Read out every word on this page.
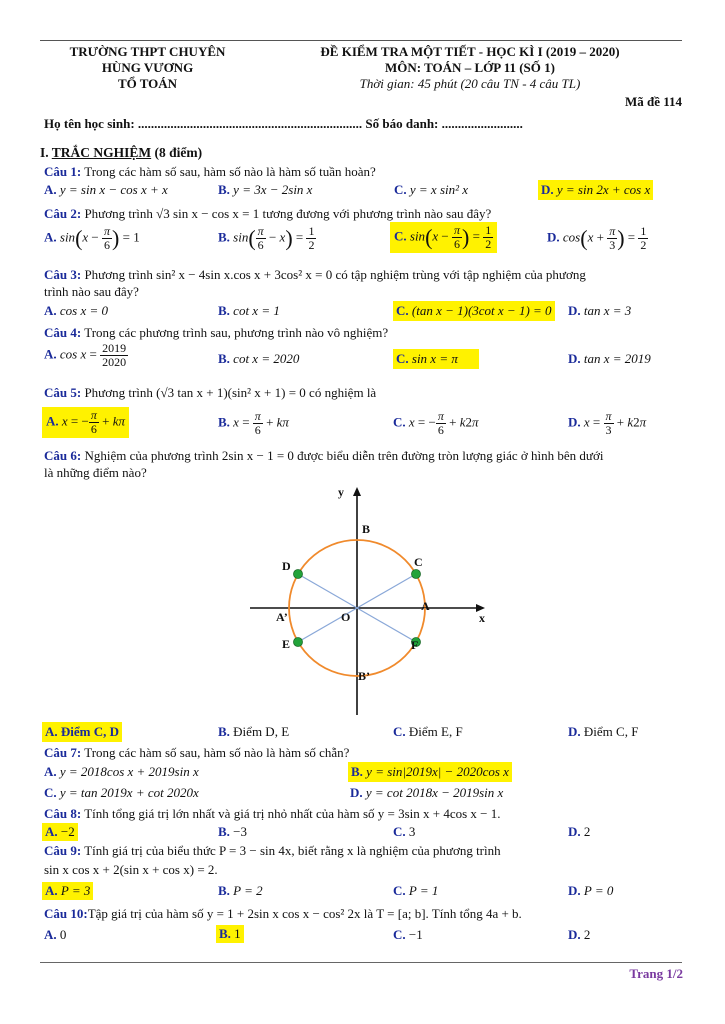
TRƯỜNG THPT CHUYÊN
HÙNG VƯƠNG
TỔ TOÁN
ĐỀ KIỂM TRA MỘT TIẾT - HỌC KÌ I (2019 – 2020)
MÔN: TOÁN – LỚP 11 (SỐ 1)
Thời gian: 45 phút (20 câu TN - 4 câu TL)
Mã đề 114
Họ tên học sinh: ..................................................................... Số báo danh: .........................
I. TRẮC NGHIỆM (8 điểm)
Câu 1: Trong các hàm số sau, hàm số nào là hàm số tuần hoàn?
A. y = sin x − cos x + x	B. y = 3x − 2sin x	C. y = x sin² x	D. y = sin 2x + cos x
Câu 2: Phương trình √3 sin x − cos x = 1 tương đương với phương trình nào sau đây?
A. $\sin(x - \frac{\pi}{6}$ ) = 1	B. $\sin( \frac{\pi}{6} - x) = \frac{1}{2}$	C. $\sin(x - \frac{\pi}{6}$ ) = $\frac{1}{2}$	D. $\cos(x + \frac{\pi}{3}$ ) = $\frac{1}{2}$
Câu 3: Phương trình sin² x − 4sin x.cos x + 3cos² x = 0 có tập nghiệm trùng với tập nghiệm của phương
trình nào sau đây?
A. cos x = 0	B. cot x = 1	C. (tan x − 1)(3cot x − 1) = 0 D. tan x = 3
Câu 4: Trong các phương trình sau, phương trình nào vô nghiệm?
A. $\cos x = \frac{2019}{2020}$	B. cot x = 2020	C. sin x = π	D. tan x = 2019
Câu 5: Phương trình (√3 tan x + 1)(sin² x + 1) = 0 có nghiệm là
A. x = − $\frac{\pi}{6} + k\pi$	B. $x = \frac{\pi}{6} + k\pi$	C. x = − $\frac{\pi}{6} + k2\pi$	D. $x = \frac{\pi}{3} + k2\pi$
Câu 6: Nghiệm của phương trình 2sin x − 1 = 0 được biểu diễn trên đường tròn lượng giác ở hình bên dưới
là những điểm nào?
y
x
O
B
B’
A
A’
C
D
E	F
A. Điểm C, D	B. Điểm D, E	C. Điểm E, F	D. Điểm C, F
Câu 7: Trong các hàm số sau, hàm số nào là hàm số chẵn?
A. y = 2018cos x + 2019sin x	B. y = sin|2019x| − 2020cos x
C. y = tan 2019x + cot 2020x	D. y = cot 2018x − 2019sin x
Câu 8: Tính tổng giá trị lớn nhất và giá trị nhỏ nhất của hàm số y = 3sin x + 4cos x − 1.
A. −2	B. −3	C. 3	D. 2
Câu 9: Tính giá trị của biểu thức P = 3 − sin 4x, biết rằng x là nghiệm của phương trình
sin x cos x + 2(sin x + cos x) = 2.
A. P = 3	B. P = 2	C. P = 1	D. P = 0
Câu 10:Tập giá trị của hàm số y = 1 + 2sin x cos x − cos² 2x là T = [a; b]. Tính tổng 4a + b.
A. 0	B. 1	C. −1	D. 2
Trang 1/2
